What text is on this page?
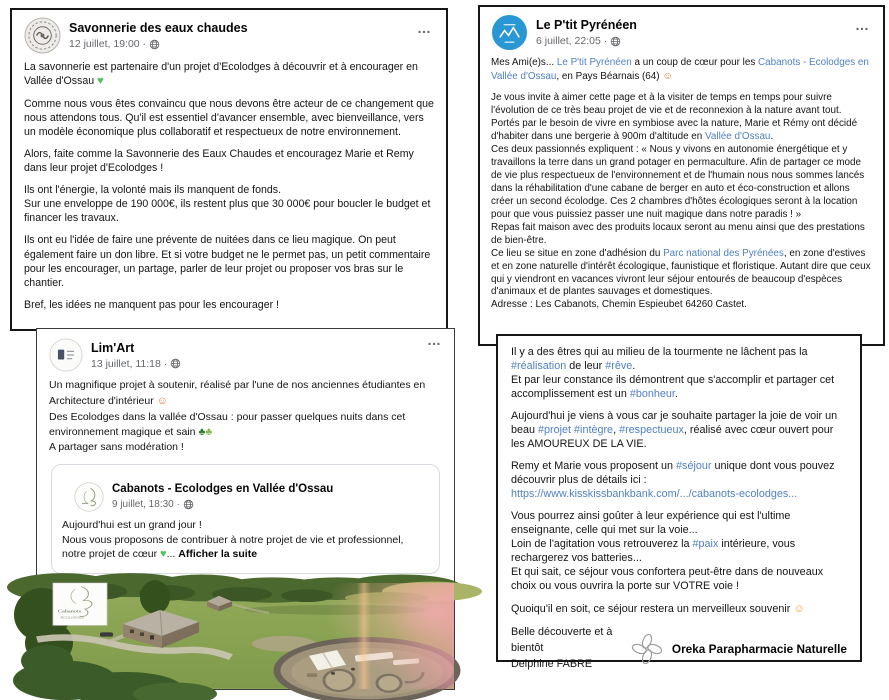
Savonnerie des eaux chaudes
12 juillet, 19:00 ·
…

La savonnerie est partenaire d'un projet d'Ecolodges à découvrir et à encourager en Vallée d'Ossau ♥

Comme nous vous êtes convaincu que nous devons être acteur de ce changement que nous attendons tous. Qu'il est essentiel d'avancer ensemble, avec bienveillance, vers un modèle économique plus collaboratif et respectueux de notre environnement.

Alors, faite comme la Savonnerie des Eaux Chaudes et encouragez Marie et Remy dans leur projet d'Ecolodges !

Ils ont l'énergie, la volonté mais ils manquent de fonds.
Sur une enveloppe de 190 000€, ils restent plus que 30 000€ pour boucler le budget et financer les travaux.

Ils ont eu l'idée de faire une prévente de nuitées dans ce lieu magique. On peut également faire un don libre. Et si votre budget ne le permet pas, un petit commentaire pour les encourager, un partage, parler de leur projet ou proposer vos bras sur le chantier.

Bref, les idées ne manquent pas pour les encourager !

Le P'tit Pyrénéen
6 juillet, 22:05 ·
…

Mes Ami(e)s... Le P'tit Pyrénéen a un coup de cœur pour les Cabanots - Ecolodges en Vallée d'Ossau, en Pays Béarnais (64) ☺

Je vous invite à aimer cette page et à la visiter de temps en temps pour suivre l'évolution de ce très beau projet de vie et de reconnexion à la nature avant tout.
Portés par le besoin de vivre en symbiose avec la nature, Marie et Rémy ont décidé d'habiter dans une bergerie à 900m d'altitude en Vallée d'Ossau.
Ces deux passionnés expliquent : « Nous y vivons en autonomie énergétique et y travaillons la terre dans un grand potager en permaculture. Afin de partager ce mode de vie plus respectueux de l'environnement et de l'humain nous nous sommes lancés dans la réhabilitation d'une cabane de berger en auto et éco-construction et allons créer un second écolodge. Ces 2 chambres d'hôtes écologiques seront à la location pour que vous puissiez passer une nuit magique dans notre paradis ! »
Repas fait maison avec des produits locaux seront au menu ainsi que des prestations de bien-être.
Ce lieu se situe en zone d'adhésion du Parc national des Pyrénées, en zone d'estives et en zone naturelle d'intérêt écologique, faunistique et floristique. Autant dire que ceux qui y viendront en vacances vivront leur séjour entourés de beaucoup d'espèces d'animaux et de plantes sauvages et domestiques.
Adresse : Les Cabanots, Chemin Espieubet 64260 Castet.

Lim'Art
13 juillet, 11:18 ·
…

Un magnifique projet à soutenir, réalisé par l'une de nos anciennes étudiantes en Architecture d'intérieur ☺
Des Ecolodges dans la vallée d'Ossau : pour passer quelques nuits dans cet environnement magique et sain ♣♣
A partager sans modération !

Cabanots - Ecolodges en Vallée d'Ossau
9 juillet, 18:30 ·

Aujourd'hui est un grand jour !
Nous vous proposons de contribuer à notre projet de vie et professionnel, notre projet de cœur ♥... Afficher la suite

Cabanots
ÉCOLODGES

Il y a des êtres qui au milieu de la tourmente ne lâchent pas la #réalisation de leur #rêve.
Et par leur constance ils démontrent que s'accomplir et partager cet accomplissement est un #bonheur.

Aujourd'hui je viens à vous car je souhaite partager la joie de voir un beau #projet #intègre, #respectueux, réalisé avec cœur ouvert pour les AMOUREUX DE LA VIE.

Remy et Marie vous proposent un #séjour unique dont vous pouvez découvrir plus de détails ici :
https://www.kisskissbankbank.com/.../cabanots-ecolodges...

Vous pourrez ainsi goûter à leur expérience qui est l'ultime enseignante, celle qui met sur la voie...
Loin de l'agitation vous retrouverez la #paix intérieure, vous rechargerez vos batteries...
Et qui sait, ce séjour vous confortera peut-être dans de nouveaux choix ou vous ouvrira la porte sur VOTRE voie !

Quoiqu'il en soit, ce séjour restera un merveilleux souvenir ☺

Belle découverte et à bientôt
Delphine FABRE
Oreka Parapharmacie Naturelle
